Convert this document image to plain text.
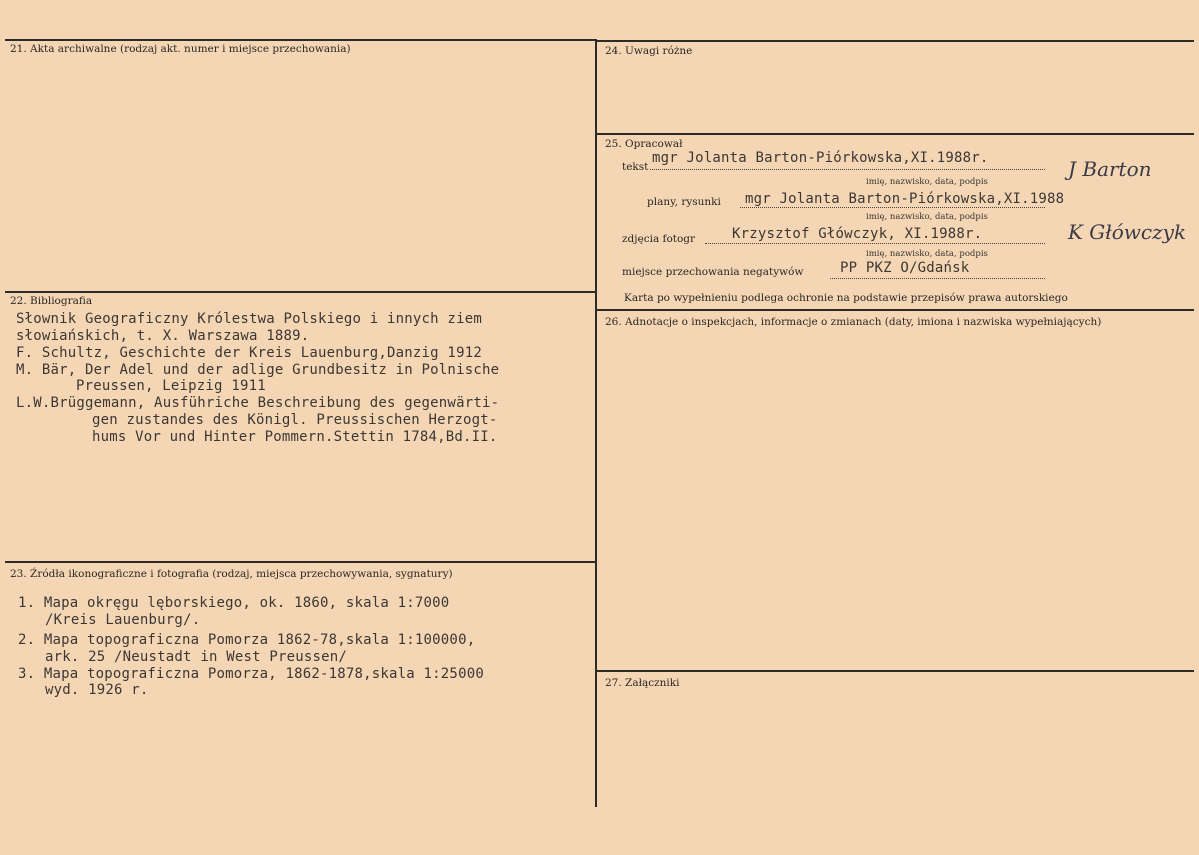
21. Akta archiwalne (rodzaj akt. numer i miejsce przechowania)
22. Bibliografia
Słownik Geograficzny Królestwa Polskiego i innych ziem
słowiańskich, t. X. Warszawa 1889.
F. Schultz, Geschichte der Kreis Lauenburg,Danzig 1912
M. Bär, Der Adel und der adlige Grundbesitz in Polnische
Preussen, Leipzig 1911
L.W.Brüggemann, Ausführiche Beschreibung des gegenwärti-
gen zustandes des Königl. Preussischen Herzogt-
hums Vor und Hinter Pommern.Stettin 1784,Bd.II.
23. Źródła ikonograficzne i fotografia (rodzaj, miejsca przechowywania, sygnatury)
1. Mapa okręgu lęborskiego, ok. 1860, skala 1:7000
/Kreis Lauenburg/.
2. Mapa topograficzna Pomorza 1862-78,skala 1:100000,
ark. 25 /Neustadt in West Preussen/
3. Mapa topograficzna Pomorza, 1862-1878,skala 1:25000
wyd. 1926 r.
24. Uwagi różne
25. Opracował
tekst
mgr Jolanta Barton-Piórkowska,XI.1988r.
imię, nazwisko, data, podpis
J Barton
plany, rysunki mgr Jolanta Barton-Piórkowska,XI.1988
imię, nazwisko, data, podpis
zdjęcia fotogr	Krzysztof Główczyk, XI.1988r.
imię, nazwisko, data, podpis
K Główczyk
miejsce przechowania negatywów	PP PKZ O/Gdańsk
Karta po wypełnieniu podlega ochronie na podstawie przepisów prawa autorskiego
26. Adnotacje o inspekcjach, informacje o zmianach (daty, imiona i nazwiska wypełniających)
27. Załączniki
